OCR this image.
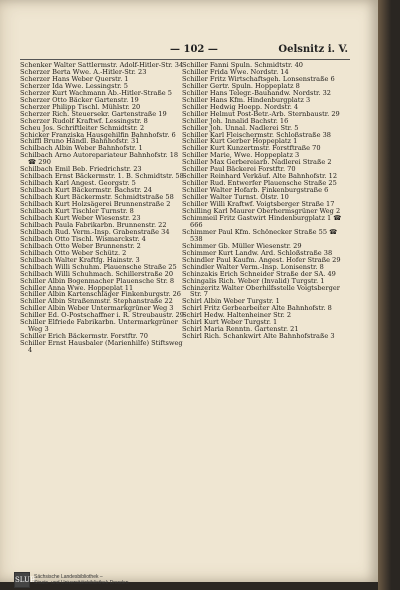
— 102 —	Oelsnitz i. V.
Schenker Walter Sattlermstr. Adolf-Hitler-Str. 34
Scherzer Berta Wwe. A.-Hitler-Str. 23
Scherzer Hans Weber Querstr. 1
Scherzer Ida Wwe. Lessingstr. 5
Scherzer Kurt Wachmann Ab.-Hitler-Straße 5
Scherzer Otto Bäcker Gartenstr. 19
Scherzer Philipp Tischl. Mühlstr. 20
Scherzer Rich. Steuersekr. Gartenstraße 19
Scherzer Rudolf Kraftwf. Lessingstr. 8
Scheu Jos. Schriftleiter Schmidtstr. 2
Schicker Franziska Hausgehilfin Bahnhofstr. 6
Schiffl Bruno Händl. Bahnhofstr. 31
Schilbach Albin Weber Bahnhofstr. 1
Schilbach Arno Autorepariateur Bahnhofstr. 18 ☎ 290
Schilbach Emil Beb. Friedrichstr. 23
Schilbach Ernst Bäckermstr. 1. B. Schmidtstr. 58
Schilbach Karl Angest. Georgstr. 5
Schilbach Kurt Bäckermstr. Bachstr. 24
Schilbach Kurt Bäckermstr. Schmidtstraße 58
Schilbach Kurt Holzsägerei Brunnenstraße 2
Schilbach Kurt Tischler Turnstr. 8
Schilbach Kurt Weber Wiesenstr. 23
Schilbach Paula Fabrikarbn. Brunnenstr. 22
Schilbach Rud. Verm.-Insp. Grabenstraße 34
Schilbach Otto Tischl. Wismarckstr. 4
Schilbach Otto Weber Brunnenstr. 2
Schilbach Otto Weber Schütz. 2
Schilbach Walter Kraftfg. Hainstr. 3
Schilbach Willi Schuhm. Plauensche Straße 25
Schilbach Willi Schuhmach. Schillerstraße 20
Schiller Albin Bogenmacher Plauensche Str. 8
Schiller Anna Wwe. Hoppeplat 11
Schiller Albin Kartenschläger Finkenburgstr. 26
Schiller Albin Straßenmstr. Stephanstraße 22
Schiller Albin Weber Untermarkgrüner Weg 3
Schiller Ed. O-Postschaffner i. R. Streubaustr. 29
Schiller Elfriede Fabrikarbn. Untermarkgrüner Weg 3
Schiller Erich Bäckermstr. Forstftr. 70
Schiller Ernst Hausbaler (Marienhilfe) Stiftsweg 4
Schiller Fanni Spuln. Schmidtstr. 40
Schiller Frida Wwe. Nordstr. 14
Schiller Fritz Wirtschaftsgeh. Lonsenstraße 6
Schiller Gertr. Spuln. Hoppeplatz 8
Schiller Hans Telegr.-Bauhandw. Nordstr. 32
Schiller Hans Kfm. Hindenburgplatz 3
Schiller Hedwig Hoepp. Nordstr. 4
Schiller Helmut Post-Betr.-Arb. Sternbaustr. 29
Schiller Joh. Innalid Bachstr. 16
Schiller Joh. Unnal. Nadlerei Str. 5
Schiller Karl Fleischermstr. Schloßstraße 38
Schiller Kurt Gerber Hoppeplatz 1
Schiller Kurt Kunzertmstr. Forstftraße 70
Schiller Marie, Wwe. Hoppeplatz 3
Schiller Max Gerbereiarb. Nadlerei Straße 2
Schiller Paul Bäckerei Forstftr. 70
Schiller Reinhard Verkäuf. Alte Bahnhofstr. 12
Schiller Rud. Entwerfer Plauensche Straße 25
Schiller Walter Hofarb. Finkenburgstraße 6
Schiller Walter Turnst. Ölstr. 10
Schiller Willi Kraftwf. Voigtsberger Straße 17
Schilling Karl Maurer Oberhermsgrüner Weg 2
Schimmeil Fritz Gastwirt Hindenburgplatz 1 ☎ 666
Schimmer Paul Kfm. Schönecker Straße 55 ☎ 538
Schimmer Gb. Müller Wiesenstr. 29
Schimmer Kurt Landw. Ard. Schloßstraße 38
Schindler Paul Kaufm. Angest. Hofer Straße 29
Schindler Walter Verm.-Insp. Lonisenstr. 8
Schinzakis Erich Schneider Straße der SA. 49
Schingalis Rich. Weber (Invalid) Turgstr. 1
Schinzeritz Walter Oberhilfsstelle Voigtsberger Str. 7
Schirl Albin Weber Turgstr. 1
Schirl Fritz Gerbearbeiter Alte Bahnhofstr. 8
Schirl Hedw. Haltenheiner Str. 2
Schirl Kurt Weber Turgstr. 1
Schirl Maria Renntn. Gartenstr. 21
Schirl Rich. Schankwirt Alte Bahnhofstraße 3
SLUB
Sächsische Landesbibliothek –
Staats- und Universitätsbibliothek Dresden
